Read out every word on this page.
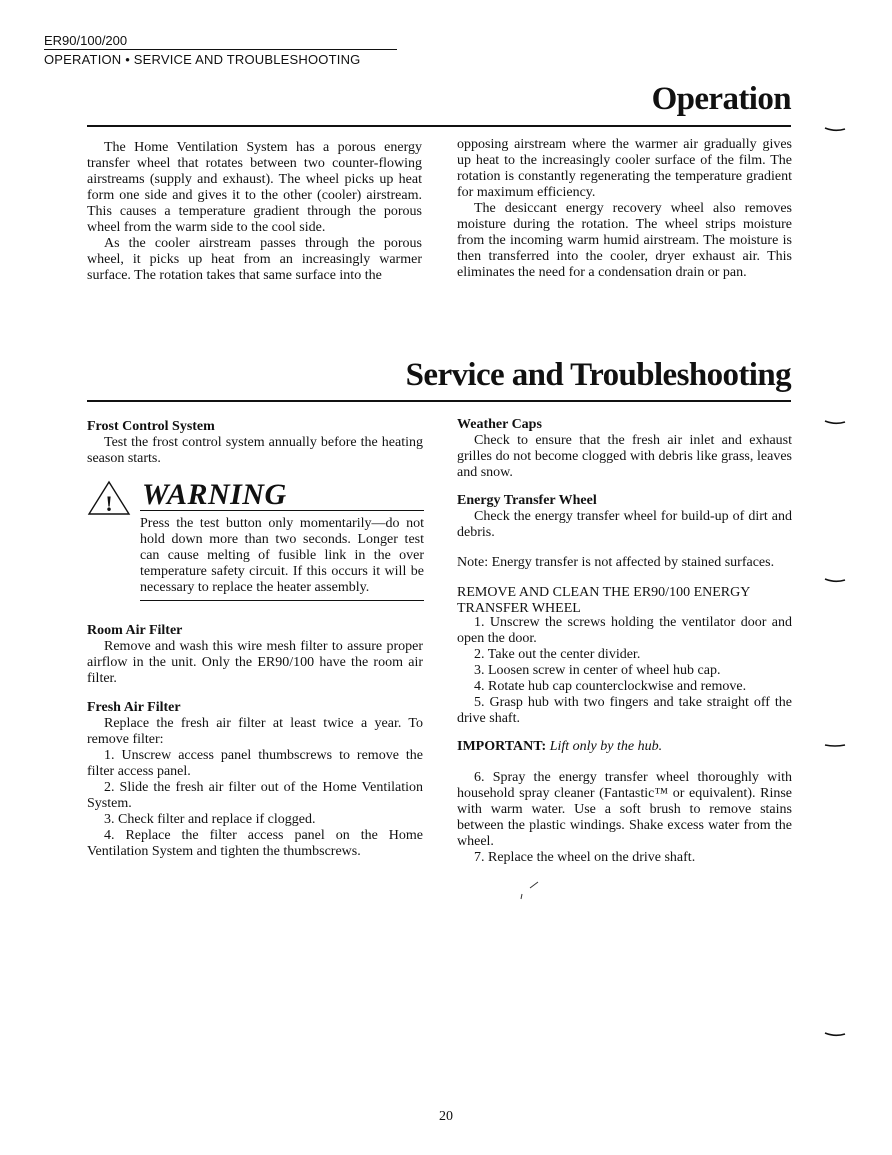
ER90/100/200
OPERATION • SERVICE AND TROUBLESHOOTING
Operation

The Home Ventilation System has a porous energy transfer wheel that rotates between two counter-flowing airstreams (supply and exhaust). The wheel picks up heat form one side and gives it to the other (cooler) airstream. This causes a temperature gradient through the porous wheel from the warm side to the cool side.

As the cooler airstream passes through the porous wheel, it picks up heat from an increasingly warmer surface. The rotation takes that same surface into the

opposing airstream where the warmer air gradually gives up heat to the increasingly cooler surface of the film. The rotation is constantly regenerating the temperature gradient for maximum efficiency.

The desiccant energy recovery wheel also removes moisture during the rotation. The wheel strips moisture from the incoming warm humid airstream. The moisture is then transferred into the cooler, dryer exhaust air. This eliminates the need for a condensation drain or pan.

Service and Troubleshooting
Frost Control System

Test the frost control system annually before the heating season starts.

! WARNING

Press the test button only momentarily—do not hold down more than two seconds. Longer test can cause melting of fusible link in the over temperature safety circuit. If this occurs it will be necessary to replace the heater assembly.

Room Air Filter

Remove and wash this wire mesh filter to assure proper airflow in the unit. Only the ER90/100 have the room air filter.

Fresh Air Filter

Replace the fresh air filter at least twice a year. To remove filter:

1. Unscrew access panel thumbscrews to remove the filter access panel.

2. Slide the fresh air filter out of the Home Ventilation System.

3. Check filter and replace if clogged.

4. Replace the filter access panel on the Home Ventilation System and tighten the thumbscrews.

Weather Caps

Check to ensure that the fresh air inlet and exhaust grilles do not become clogged with debris like grass, leaves and snow.

Energy Transfer Wheel

Check the energy transfer wheel for build-up of dirt and debris.

Note: Energy transfer is not affected by stained surfaces.

REMOVE AND CLEAN THE ER90/100 ENERGY TRANSFER WHEEL

1. Unscrew the screws holding the ventilator door and open the door.

2. Take out the center divider.

3. Loosen screw in center of wheel hub cap.

4. Rotate hub cap counterclockwise and remove.

5. Grasp hub with two fingers and take straight off the drive shaft.

IMPORTANT: Lift only by the hub.

6. Spray the energy transfer wheel thoroughly with household spray cleaner (Fantastic™ or equivalent). Rinse with warm water. Use a soft brush to remove stains between the plastic windings. Shake excess water from the wheel.

7. Replace the wheel on the drive shaft.

20
